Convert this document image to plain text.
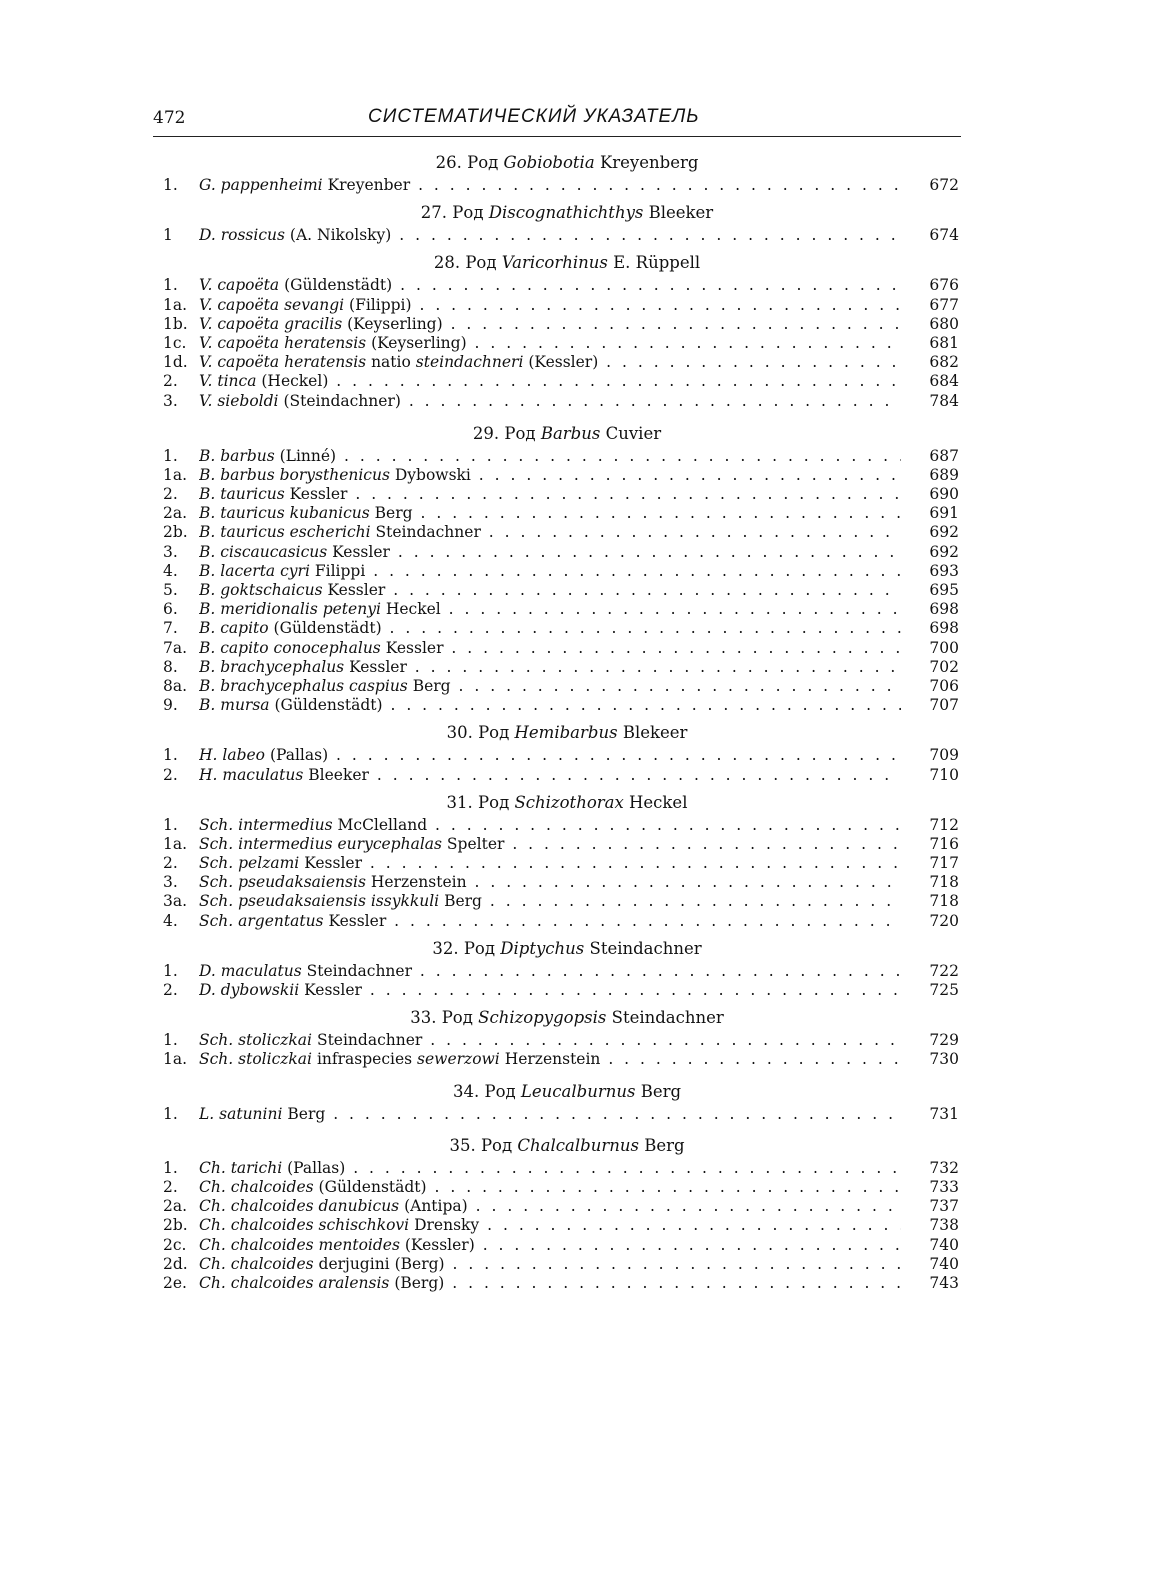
472	СИСТЕМАТИЧЕСКИЙ УКАЗАТЕЛЬ
26. Род Gobiobotia Kreyenberg
1.	G. pappenheimi Kreyenber . . .	672
27. Род Discognathichthys Bleeker
1	D. rossicus (A. Nikolsky) . . .	674
28. Род Varicorhinus E. Rüppell
1.	V. capoëta (Güldenstädt) . . .	676
1a. V. capoëta sevangi (Filippi) . . .	677
1b. V. capoëta gracilis (Keyserling) . . .	680
1c. V. capoëta heratensis (Keyserling) . . .	681
1d. V. capoëta heratensis natio steindachneri (Kessler) . . .	682
2.	V. tinca (Heckel) . . .	684
3.	V. sieboldi (Steindachner) . . .	784
29. Род Barbus Cuvier
1.	B. barbus (Linné) . . .	687
1a. B. barbus borysthenicus Dybowski . . .	689
2.	B. tauricus Kessler . . .	690
2a. B. tauricus kubanicus Berg . . .	691
2b. B. tauricus escherichi Steindachner . . .	692
3.	B. ciscaucasicus Kessler . . .	692
4.	B. lacerta cyri Filippi . . .	693
5.	B. goktschaicus Kessler . . .	695
6.	B. meridionalis petenyi Heckel . . .	698
7.	B. capito (Güldenstädt) . . .	698
7a. B. capito conocephalus Kessler . . .	700
8.	B. brachycephalus Kessler . . .	702
8a. B. brachycephalus caspius Berg . . .	706
9.	B. mursa (Güldenstädt) . . .	707
30. Род Hemibarbus Blekeer
1.	H. labeo (Pallas) . . .	709
2.	H. maculatus Bleeker . . .	710
31. Род Schizothorax Heckel
1.	Sch. intermedius McClelland . . .	712
1a. Sch. intermedius eurycephalas Spelter . . .	716
2.	Sch. pelzami Kessler . . .	717
3.	Sch. pseudaksaiensis Herzenstein . . .	718
3a. Sch. pseudaksaiensis issykkuli Berg . . .	718
4.	Sch. argentatus Kessler . . .	720
32. Род Diptychus Steindachner
1.	D. maculatus Steindachner . . .	722
2.	D. dybowskii Kessler . . .	725
33. Род Schizopygopsis Steindachner
1.	Sch. stoliczkai Steindachner . . .	729
1a. Sch. stoliczkai infraspecies sewerzowi Herzenstein . . .	730
34. Род Leucalburnus Berg
1.	L. satunini Berg . . .	731
35. Род Chalcalburnus Berg
1.	Ch. tarichi (Pallas) . . .	732
2.	Ch. chalcoides (Güldenstädt) . . .	733
2a. Ch. chalcoides danubicus (Antipa) . . .	737
2b. Ch. chalcoides schischkovi Drensky . . .	738
2c. Ch. chalcoides mentoides (Kessler) . . .	740
2d. Ch. chalcoides derjugini (Berg) . . .	740
2e. Ch. chalcoides aralensis (Berg) . . .	743
